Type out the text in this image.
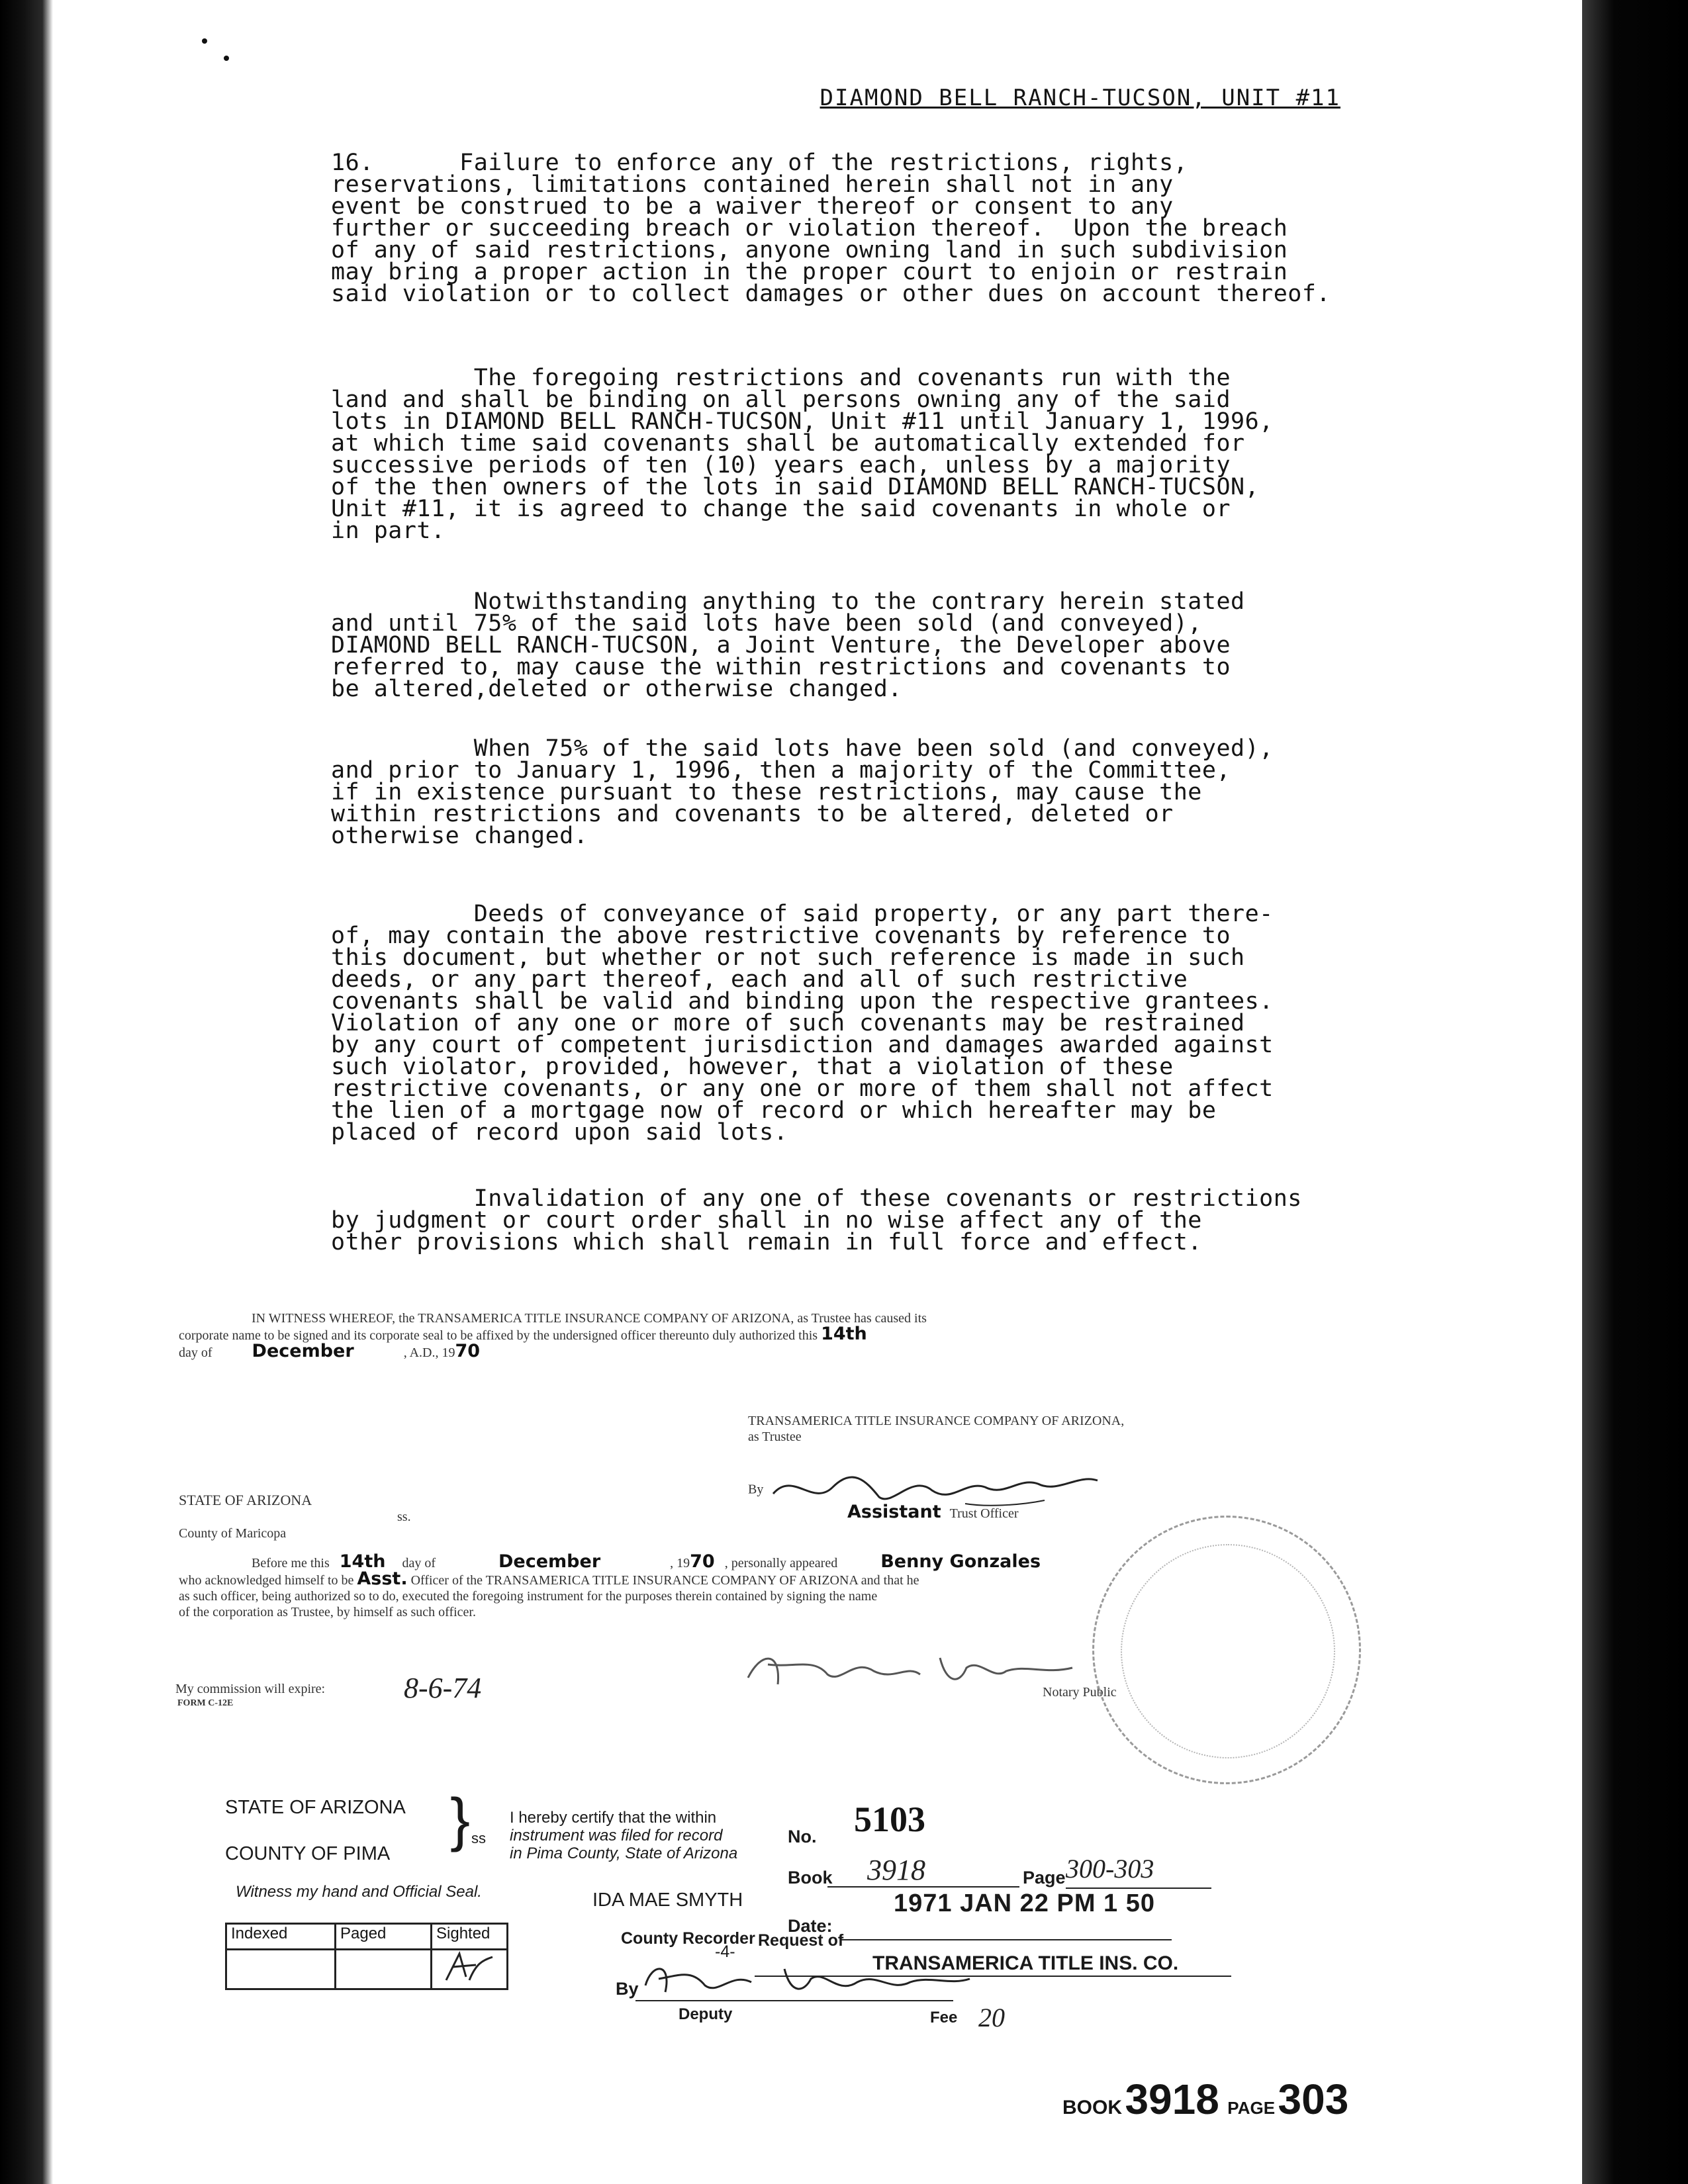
DIAMOND BELL RANCH-TUCSON, UNIT #11
16.      Failure to enforce any of the restrictions, rights,
reservations, limitations contained herein shall not in any
event be construed to be a waiver thereof or consent to any
further or succeeding breach or violation thereof.  Upon the breach
of any of said restrictions, anyone owning land in such subdivision
may bring a proper action in the proper court to enjoin or restrain
said violation or to collect damages or other dues on account thereof.
The foregoing restrictions and covenants run with the
land and shall be binding on all persons owning any of the said
lots in DIAMOND BELL RANCH-TUCSON, Unit #11 until January 1, 1996,
at which time said covenants shall be automatically extended for
successive periods of ten (10) years each, unless by a majority
of the then owners of the lots in said DIAMOND BELL RANCH-TUCSON,
Unit #11, it is agreed to change the said covenants in whole or
in part.
Notwithstanding anything to the contrary herein stated
and until 75% of the said lots have been sold (and conveyed),
DIAMOND BELL RANCH-TUCSON, a Joint Venture, the Developer above
referred to, may cause the within restrictions and covenants to
be altered,deleted or otherwise changed.
When 75% of the said lots have been sold (and conveyed),
and prior to January 1, 1996, then a majority of the Committee,
if in existence pursuant to these restrictions, may cause the
within restrictions and covenants to be altered, deleted or
otherwise changed.
Deeds of conveyance of said property, or any part there-
of, may contain the above restrictive covenants by reference to
this document, but whether or not such reference is made in such
deeds, or any part thereof, each and all of such restrictive
covenants shall be valid and binding upon the respective grantees.
Violation of any one or more of such covenants may be restrained
by any court of competent jurisdiction and damages awarded against
such violator, provided, however, that a violation of these
restrictive covenants, or any one or more of them shall not affect
the lien of a mortgage now of record or which hereafter may be
placed of record upon said lots.
Invalidation of any one of these covenants or restrictions
by judgment or court order shall in no wise affect any of the
other provisions which shall remain in full force and effect.
IN WITNESS WHEREOF, the TRANSAMERICA TITLE INSURANCE COMPANY OF ARIZONA, as Trustee has caused its
corporate name to be signed and its corporate seal to be affixed by the undersigned officer thereunto duly authorized this 14th
day of December	, A.D., 1970
TRANSAMERICA TITLE INSURANCE COMPANY OF ARIZONA,
as Trustee
By
Assistant Trust Officer
STATE OF ARIZONA
ss.
County of Maricopa
Before me this 14th day of	December	, 1970 , personally appeared Benny Gonzales
who acknowledged himself to be Asst. Officer of the TRANSAMERICA TITLE INSURANCE COMPANY OF ARIZONA and that he
as such officer, being authorized so to do, executed the foregoing instrument for the purposes therein contained by signing the name
of the corporation as Trustee, by himself as such officer.
Notary Public
My commission will expire:	8-6-74
FORM C-12E
STATE OF ARIZONA
COUNTY OF PIMA
} ss
Witness my hand and Official Seal.
I hereby certify that the within
instrument was filed for record
in Pima County, State of Arizona
No. 5103
Book	3918	Page 300-303
IDA MAE SMYTH
Date:
1971 JAN 22 PM 1 50
Indexed	Paged	Sighted
			County Recorder
-4-
Request of
TRANSAMERICA TITLE INS. CO.
By
Deputy	Fee 20
BOOK 3918 PAGE 303
